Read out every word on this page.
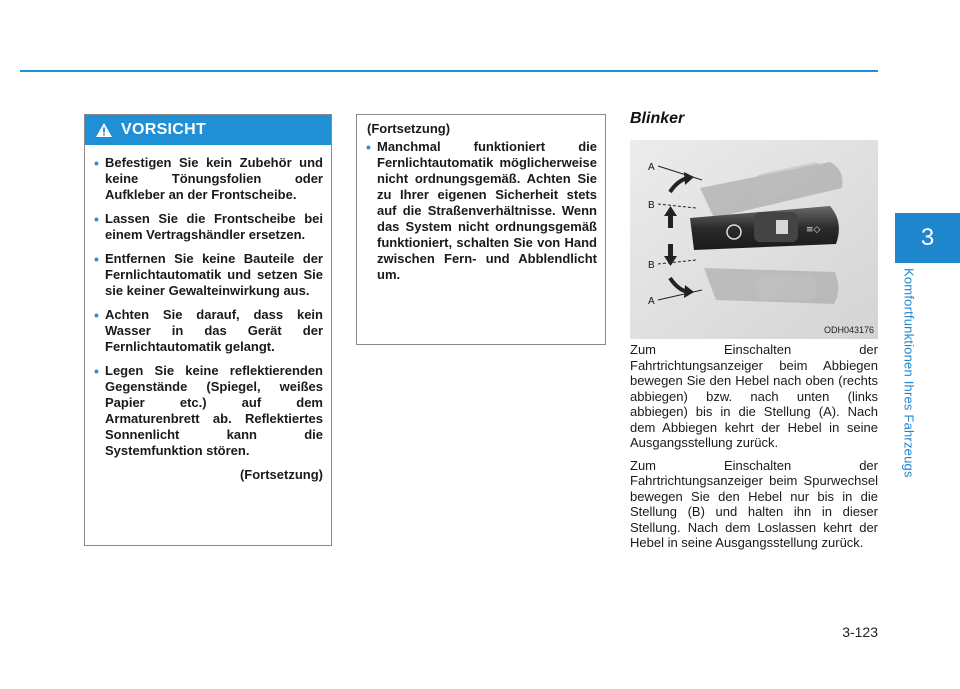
VORSICHT
• Befestigen Sie kein Zubehör und keine Tönungsfolien oder Aufkleber an der Frontscheibe.
• Lassen Sie die Frontscheibe bei einem Vertragshändler ersetzen.
• Entfernen Sie keine Bauteile der Fernlichtautomatik und setzen Sie sie keiner Gewalteinwirkung aus.
• Achten Sie darauf, dass kein Wasser in das Gerät der Fernlichtautomatik gelangt.
• Legen Sie keine reflektierenden Gegenstände (Spiegel, weißes Papier etc.) auf dem Armaturenbrett ab. Reflektiertes Sonnenlicht kann die Systemfunktion stören.
(Fortsetzung)
(Fortsetzung)
• Manchmal funktioniert die Fernlichtautomatik möglicherweise nicht ordnungsgemäß. Achten Sie zu Ihrer eigenen Sicherheit stets auf die Straßenverhältnisse. Wenn das System nicht ordnungsgemäß funktioniert, schalten Sie von Hand zwischen Fern- und Abblendlicht um.
Blinker
≡◇
A
B
B
A
ODH043176

Zum Einschalten der Fahrtrichtungsanzeiger beim Abbiegen bewegen Sie den Hebel nach oben (rechts abbiegen) bzw. nach unten (links abbiegen) bis in die Stellung (A). Nach dem Abbiegen kehrt der Hebel in seine Ausgangsstellung zurück.

Zum Einschalten der Fahrtrichtungsanzeiger beim Spurwechsel bewegen Sie den Hebel nur bis in die Stellung (B) und halten ihn in dieser Stellung. Nach dem Loslassen kehrt der Hebel in seine Ausgangsstellung zurück.

3
Komfortfunktionen Ihres Fahrzeugs
3-123
